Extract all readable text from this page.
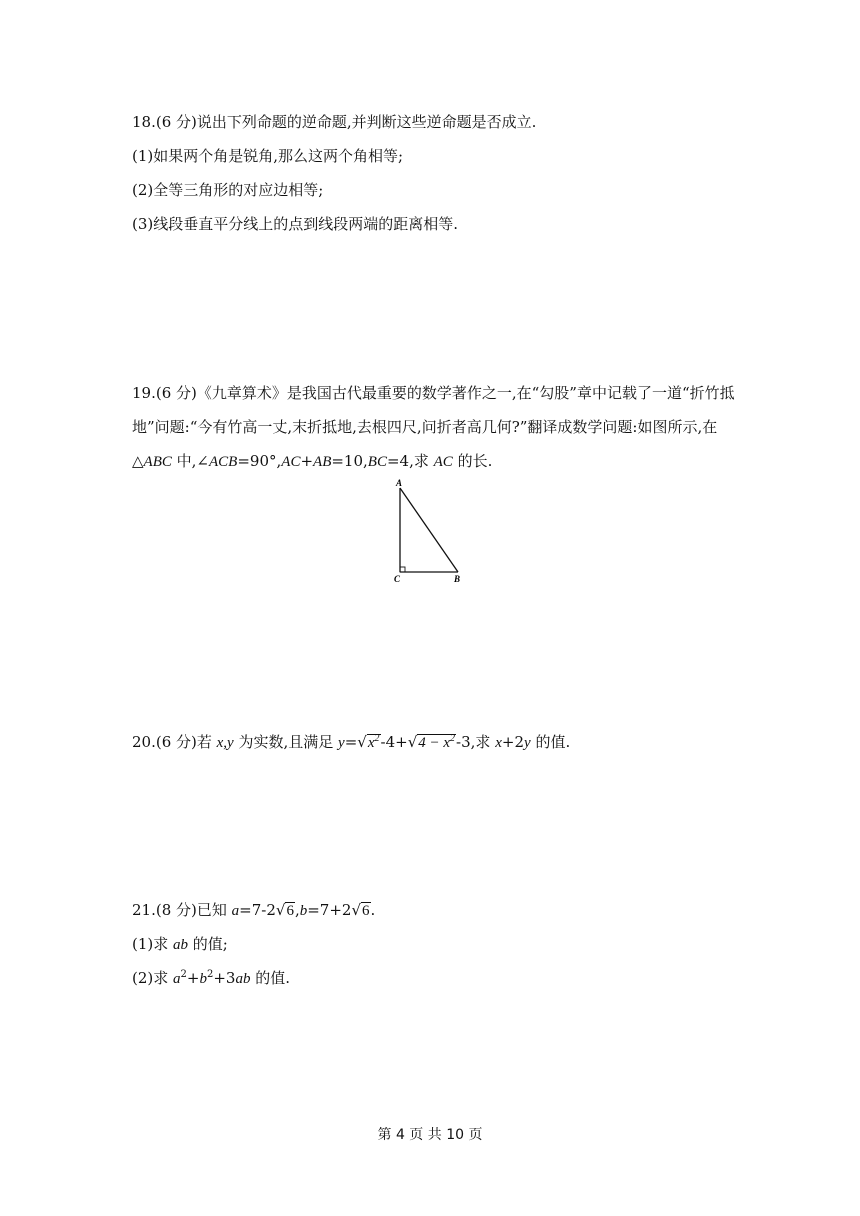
18.(6 分)说出下列命题的逆命题,并判断这些逆命题是否成立.
(1)如果两个角是锐角,那么这两个角相等;
(2)全等三角形的对应边相等;
(3)线段垂直平分线上的点到线段两端的距离相等.
19.(6 分)《九章算术》是我国古代最重要的数学著作之一,在“勾股”章中记载了一道“折竹抵
地”问题:“今有竹高一丈,末折抵地,去根四尺,问折者高几何?”翻译成数学问题:如图所示,在
△ABC 中,∠ACB=90°,AC+AB=10,BC=4,求 AC 的长.
A
C	B
20.(6 分)若 x,y 为实数,且满足 $y=√x^2-4+√4 - x^2-3$,求 x+2y 的值.
21.(8 分)已知 a=7-2√6,b=7+2√6.
(1)求 ab 的值;
(2)求 $a^2+b^2+3ab$ 的值.
第 4 页 共 10 页
